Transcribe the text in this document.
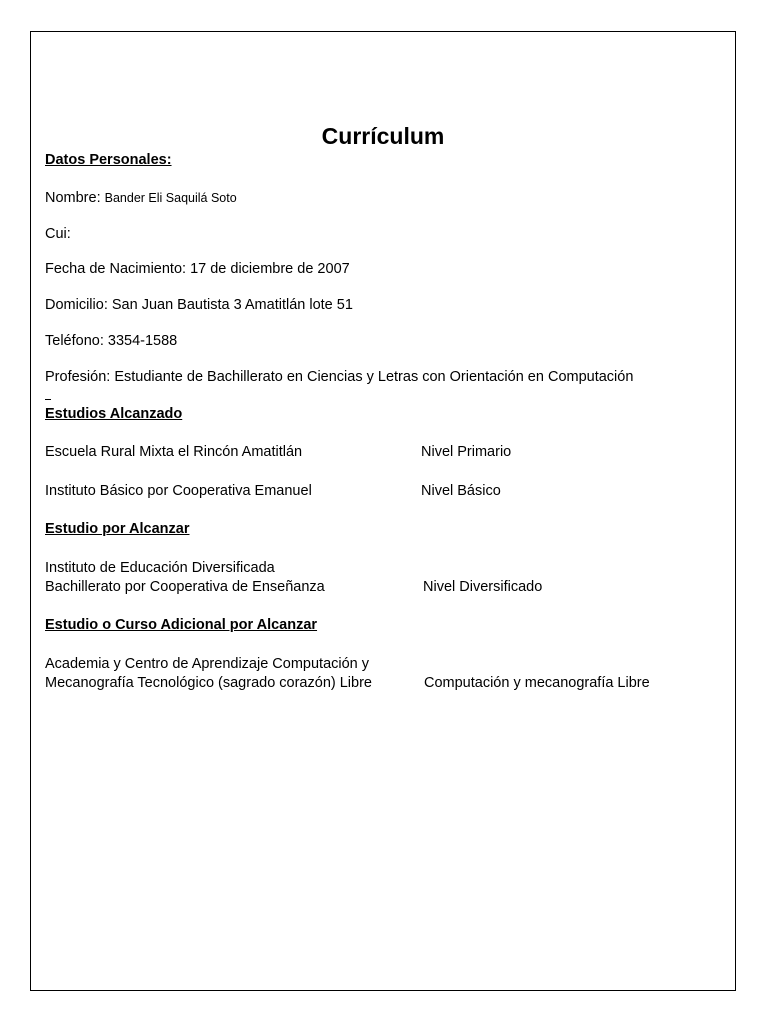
Currículum
Datos Personales:
Nombre: Bander Eli Saquilá Soto
Cui:
Fecha de Nacimiento: 17 de diciembre de 2007
Domicilio: San Juan Bautista 3 Amatitlán lote 51
Teléfono: 3354-1588
Profesión: Estudiante de Bachillerato en Ciencias y Letras con Orientación en Computación
Estudios Alcanzado
Escuela Rural Mixta el Rincón Amatitlán	Nivel Primario
Instituto Básico por Cooperativa Emanuel	Nivel Básico
Estudio por Alcanzar
Instituto de Educación Diversificada
Bachillerato por Cooperativa de Enseñanza	Nivel Diversificado
Estudio o Curso Adicional por Alcanzar
Academia y Centro de Aprendizaje Computación y
Mecanografía Tecnológico (sagrado corazón) Libre	Computación y mecanografía Libre
